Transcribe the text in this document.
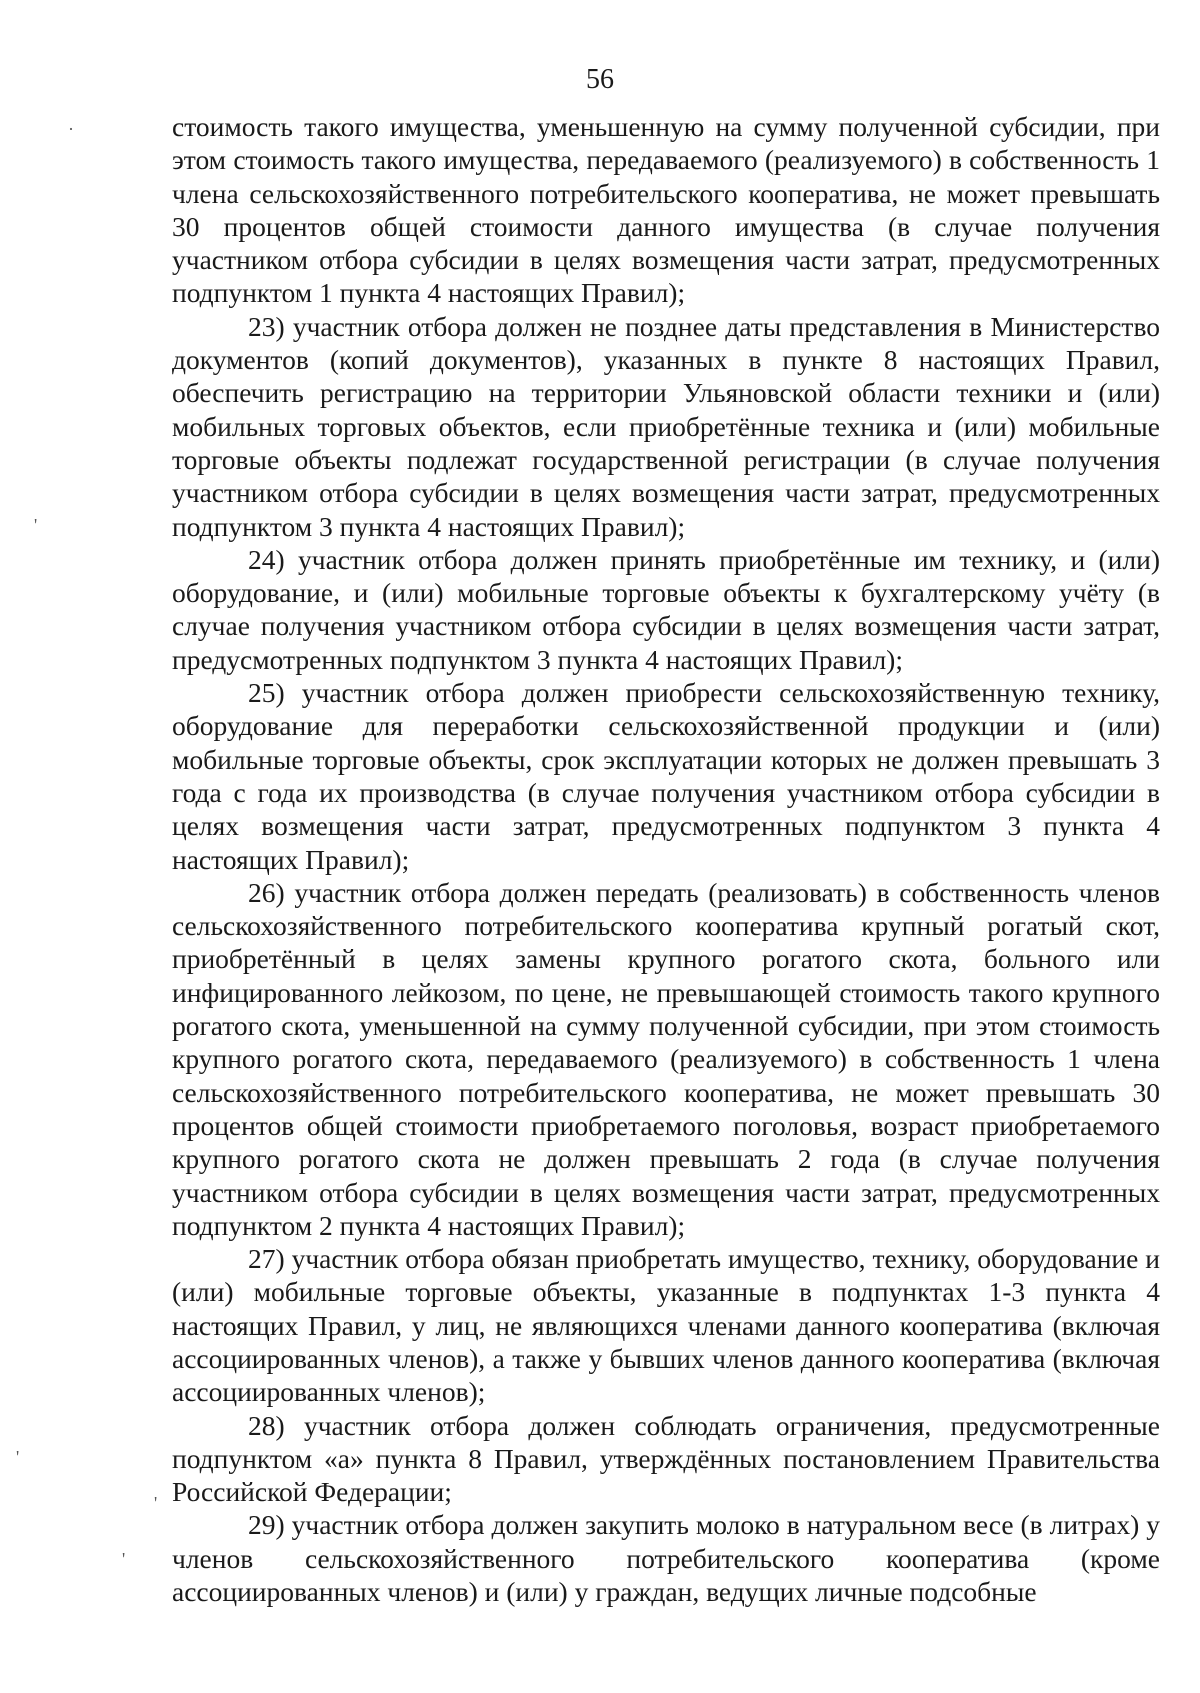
56

стоимость такого имущества, уменьшенную на сумму полученной субсидии, при этом стоимость такого имущества, передаваемого (реализуемого) в собственность 1 члена сельскохозяйственного потребительского кооператива, не может превышать 30 процентов общей стоимости данного имущества (в случае получения участником отбора субсидии в целях возмещения части затрат, предусмотренных подпунктом 1 пункта 4 настоящих Правил);

23) участник отбора должен не позднее даты представления в Министерство документов (копий документов), указанных в пункте 8 настоящих Правил, обеспечить регистрацию на территории Ульяновской области техники и (или) мобильных торговых объектов, если приобретённые техника и (или) мобильные торговые объекты подлежат государственной регистрации (в случае получения участником отбора субсидии в целях возмещения части затрат, предусмотренных подпунктом 3 пункта 4 настоящих Правил);

24) участник отбора должен принять приобретённые им технику, и (или) оборудование, и (или) мобильные торговые объекты к бухгалтерскому учёту (в случае получения участником отбора субсидии в целях возмещения части затрат, предусмотренных подпунктом 3 пункта 4 настоящих Правил);

25) участник отбора должен приобрести сельскохозяйственную технику, оборудование для переработки сельскохозяйственной продукции и (или) мобильные торговые объекты, срок эксплуатации которых не должен превышать 3 года с года их производства (в случае получения участником отбора субсидии в целях возмещения части затрат, предусмотренных подпунктом 3 пункта 4 настоящих Правил);

26) участник отбора должен передать (реализовать) в собственность членов сельскохозяйственного потребительского кооператива крупный рогатый скот, приобретённый в целях замены крупного рогатого скота, больного или инфицированного лейкозом, по цене, не превышающей стоимость такого крупного рогатого скота, уменьшенной на сумму полученной субсидии, при этом стоимость крупного рогатого скота, передаваемого (реализуемого) в собственность 1 члена сельскохозяйственного потребительского кооператива, не может превышать 30 процентов общей стоимости приобретаемого поголовья, возраст приобретаемого крупного рогатого скота не должен превышать 2 года (в случае получения участником отбора субсидии в целях возмещения части затрат, предусмотренных подпунктом 2 пункта 4 настоящих Правил);

27) участник отбора обязан приобретать имущество, технику, оборудование и (или) мобильные торговые объекты, указанные в подпунктах 1-3 пункта 4 настоящих Правил, у лиц, не являющихся членами данного кооператива (включая ассоциированных членов), а также у бывших членов данного кооператива (включая ассоциированных членов);

28) участник отбора должен соблюдать ограничения, предусмотренные подпунктом «а» пункта 8 Правил, утверждённых постановлением Правительства Российской Федерации;

29) участник отбора должен закупить молоко в натуральном весе (в литрах) у членов сельскохозяйственного потребительского кооператива (кроме ассоциированных членов) и (или) у граждан, ведущих личные подсобные

·
'
'
'
'
